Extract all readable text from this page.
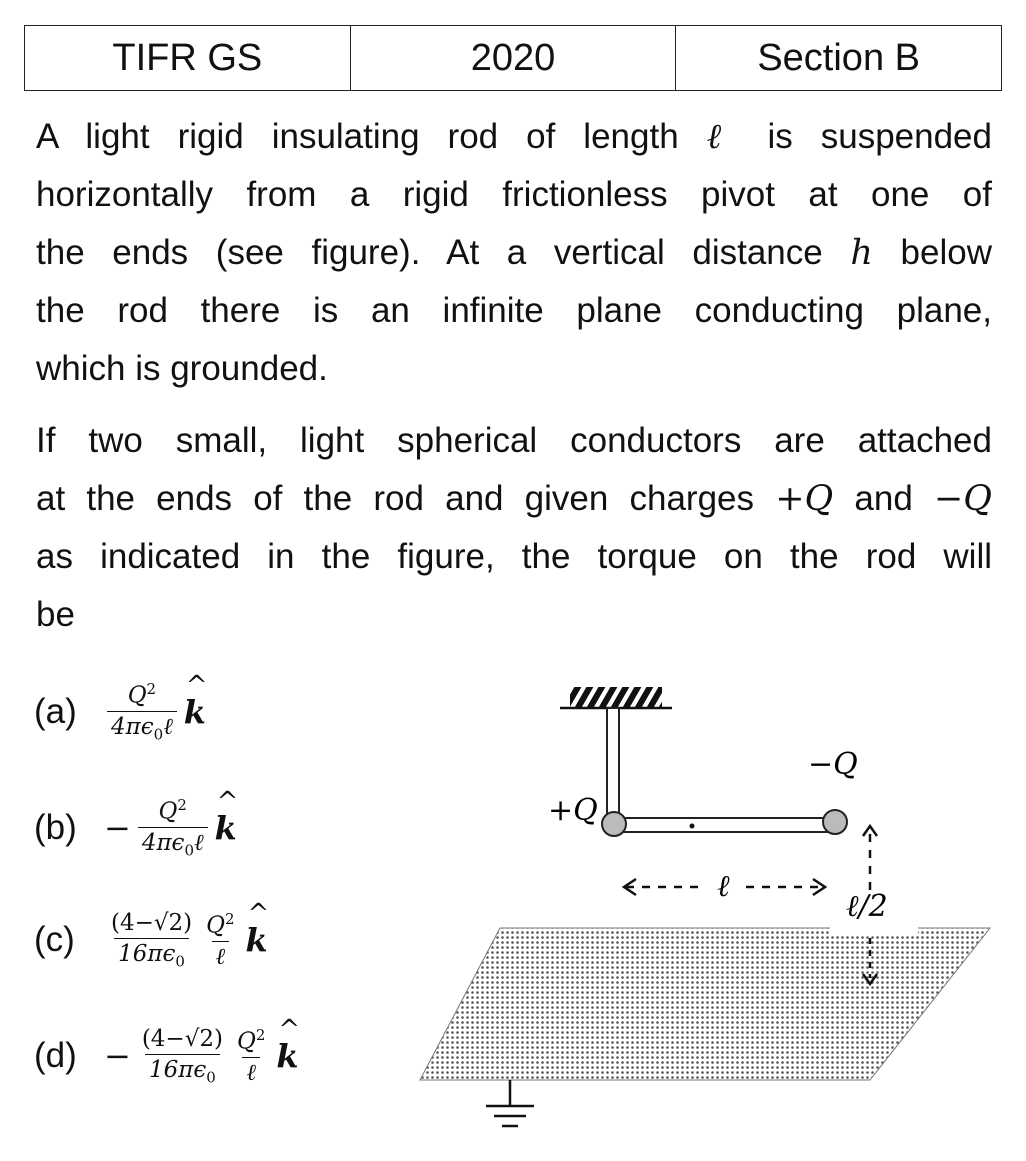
TIFR GS	2020	Section B
A light rigid insulating rod of length ℓ is suspended
horizontally from a rigid frictionless pivot at one of
the ends (see figure). At a vertical distance h below
the rod there is an infinite plane conducting plane,
which is grounded.
If two small, light spherical conductors are attached
at the ends of the rod and given charges +Q and −Q
as indicated in the figure, the torque on the rod will
be
(a)	$\frac{Q^2}{4\pi\epsilon_0\ell}$ ^ k
$(b) - \frac{Q^2}{4\pi\epsilon_0\ell}$ ^ k
(c)	$\frac{(4-√2)}{16\pi\epsilon_0} \frac{Q^2}{\text{ℓ}}$ ^ k
$(d) - \frac{(4-√2)}{16\pi\epsilon_0} \frac{Q^2}{\text{ℓ}}$ ^ k
+Q
−Q
ℓ
ℓ/2
